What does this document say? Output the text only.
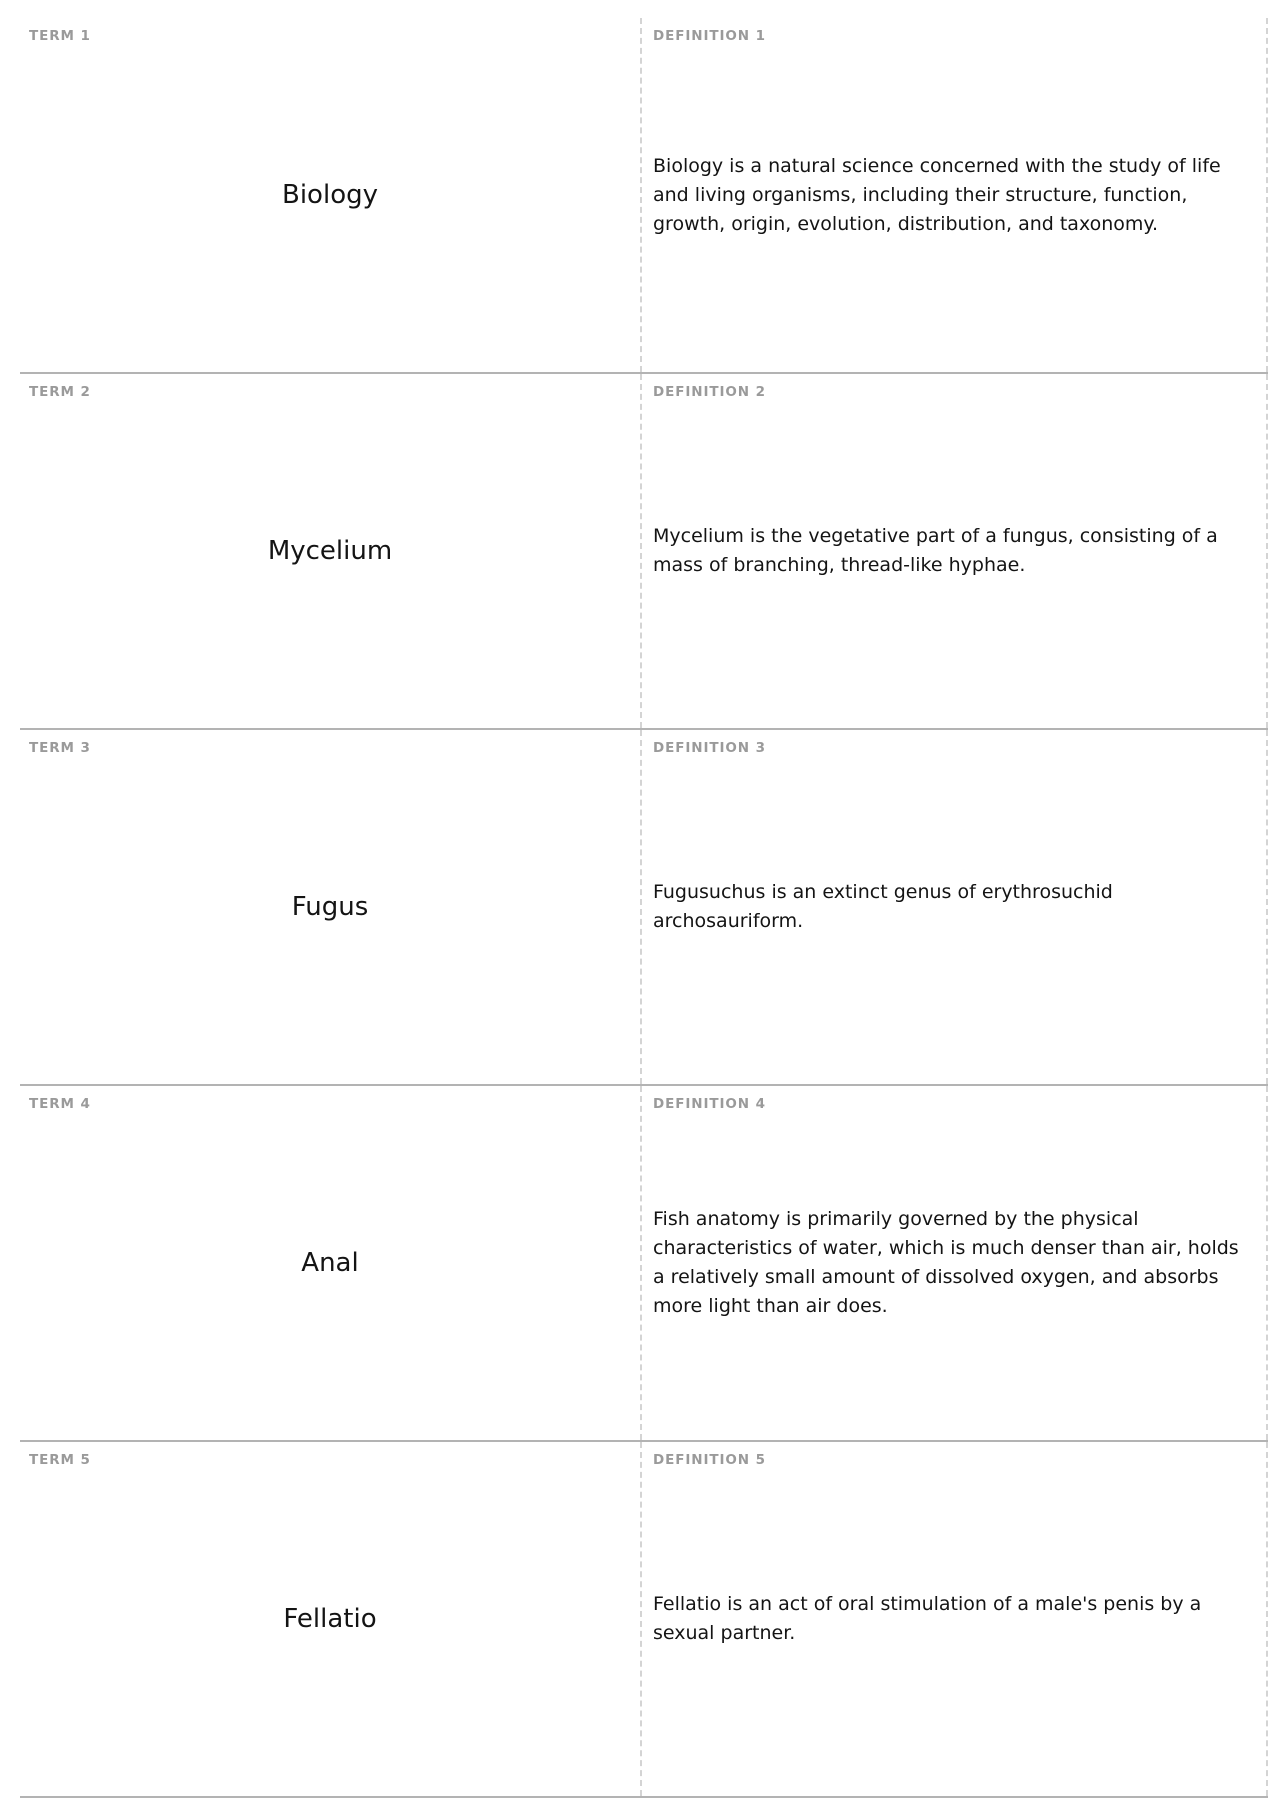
TERM 1
Biology
DEFINITION 1
Biology is a natural science concerned with the study of life and living organisms, including their structure, function, growth, origin, evolution, distribution, and taxonomy.
TERM 2
Mycelium
DEFINITION 2
Mycelium is the vegetative part of a fungus, consisting of a mass of branching, thread-like hyphae.
TERM 3
Fugus
DEFINITION 3
Fugusuchus is an extinct genus of erythrosuchid archosauriform.
TERM 4
Anal
DEFINITION 4
Fish anatomy is primarily governed by the physical characteristics of water, which is much denser than air, holds a relatively small amount of dissolved oxygen, and absorbs more light than air does.
TERM 5
Fellatio
DEFINITION 5
Fellatio is an act of oral stimulation of a male's penis by a sexual partner.
